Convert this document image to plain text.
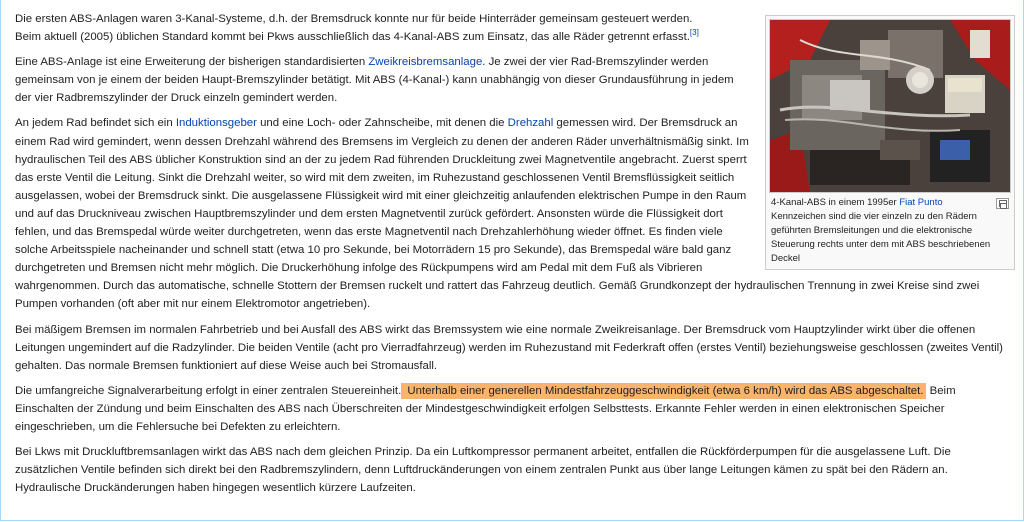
4-Kanal-ABS in einem 1995er Fiat Punto
Kennzeichen sind die vier einzeln zu den Rädern geführten Bremsleitungen und die elektronische Steuerung rechts unter dem mit ABS beschriebenen Deckel

Die ersten ABS-Anlagen waren 3-Kanal-Systeme, d.h. der Bremsdruck konnte nur für beide Hinterräder gemeinsam gesteuert werden.
Beim aktuell (2005) üblichen Standard kommt bei Pkws ausschließlich das 4-Kanal-ABS zum Einsatz, das alle Räder getrennt erfasst.[3]

Eine ABS-Anlage ist eine Erweiterung der bisherigen standardisierten Zweikreisbremsanlage. Je zwei der vier Rad-Bremszylinder werden gemeinsam von je einem der beiden Haupt-Bremszylinder betätigt. Mit ABS (4-Kanal-) kann unabhängig von dieser Grundausführung in jedem der vier Radbremszylinder der Druck einzeln gemindert werden.

An jedem Rad befindet sich ein Induktionsgeber und eine Loch- oder Zahnscheibe, mit denen die Drehzahl gemessen wird. Der Bremsdruck an einem Rad wird gemindert, wenn dessen Drehzahl während des Bremsens im Vergleich zu denen der anderen Räder unverhältnismäßig sinkt. Im hydraulischen Teil des ABS üblicher Konstruktion sind an der zu jedem Rad führenden Druckleitung zwei Magnetventile angebracht. Zuerst sperrt das erste Ventil die Leitung. Sinkt die Drehzahl weiter, so wird mit dem zweiten, im Ruhezustand geschlossenen Ventil Bremsflüssigkeit seitlich ausgelassen, wobei der Bremsdruck sinkt. Die ausgelassene Flüssigkeit wird mit einer gleichzeitig anlaufenden elektrischen Pumpe in den Raum und auf das Druckniveau zwischen Hauptbremszylinder und dem ersten Magnetventil zurück gefördert. Ansonsten würde die Flüssigkeit dort fehlen, und das Bremspedal würde weiter durchgetreten, wenn das erste Magnetventil nach Drehzahlerhöhung wieder öffnet. Es finden viele solche Arbeitsspiele nacheinander und schnell statt (etwa 10 pro Sekunde, bei Motorrädern 15 pro Sekunde), das Bremspedal wäre bald ganz durchgetreten und Bremsen nicht mehr möglich. Die Druckerhöhung infolge des Rückpumpens wird am Pedal mit dem Fuß als Vibrieren wahrgenommen. Durch das automatische, schnelle Stottern der Bremsen ruckelt und rattert das Fahrzeug deutlich. Gemäß Grundkonzept der hydraulischen Trennung in zwei Kreise sind zwei Pumpen vorhanden (oft aber mit nur einem Elektromotor angetrieben).

Bei mäßigem Bremsen im normalen Fahrbetrieb und bei Ausfall des ABS wirkt das Bremssystem wie eine normale Zweikreisanlage. Der Bremsdruck vom Hauptzylinder wirkt über die offenen Leitungen ungemindert auf die Radzylinder. Die beiden Ventile (acht pro Vierradfahrzeug) werden im Ruhezustand mit Federkraft offen (erstes Ventil) beziehungsweise geschlossen (zweites Ventil) gehalten. Das normale Bremsen funktioniert auf diese Weise auch bei Stromausfall.

Die umfangreiche Signalverarbeitung erfolgt in einer zentralen Steuereinheit. Unterhalb einer generellen Mindestfahrzeuggeschwindigkeit (etwa 6 km/h) wird das ABS abgeschaltet. Beim Einschalten der Zündung und beim Einschalten des ABS nach Überschreiten der Mindestgeschwindigkeit erfolgen Selbsttests. Erkannte Fehler werden in einen elektronischen Speicher eingeschrieben, um die Fehlersuche bei Defekten zu erleichtern.

Bei Lkws mit Druckluftbremsanlagen wirkt das ABS nach dem gleichen Prinzip. Da ein Luftkompressor permanent arbeitet, entfallen die Rückförderpumpen für die ausgelassene Luft. Die zusätzlichen Ventile befinden sich direkt bei den Radbremszylindern, denn Luftdruckänderungen von einem zentralen Punkt aus über lange Leitungen kämen zu spät bei den Rädern an. Hydraulische Druckänderungen haben hingegen wesentlich kürzere Laufzeiten.
